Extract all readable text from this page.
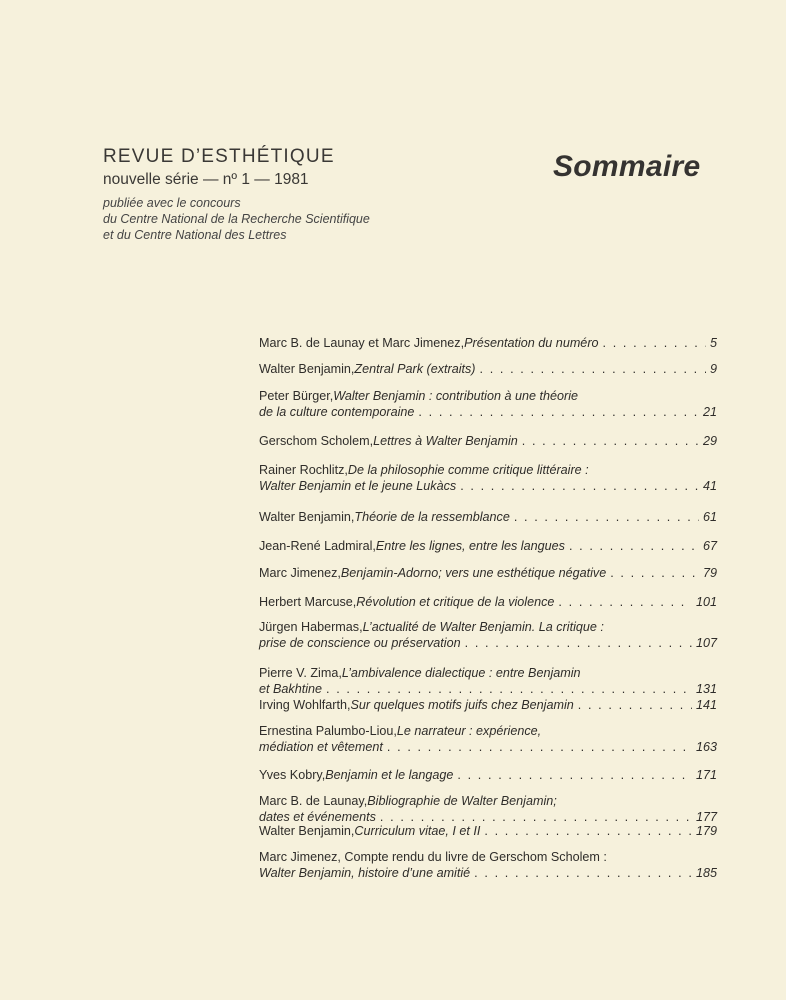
REVUE D’ESTHÉTIQUE
nouvelle série — nº 1 — 1981
publiée avec le concours
du Centre National de la Recherche Scientifique
et du Centre National des Lettres
Sommaire
Marc B. de Launay et Marc Jimenez, Présentation du numéro . . .	5
Walter Benjamin, Zentral Park (extraits) . . .	9
Peter Bürger, Walter Benjamin : contribution à une théorie
de la culture contemporaine . . .	21
Gerschom Scholem, Lettres à Walter Benjamin . . .	29
Rainer Rochlitz, De la philosophie comme critique littéraire :
Walter Benjamin et le jeune Lukàcs . . .	41
Walter Benjamin, Théorie de la ressemblance . . .	61
Jean-René Ladmiral, Entre les lignes, entre les langues . . .	67
Marc Jimenez, Benjamin-Adorno; vers une esthétique négative . . .	79
Herbert Marcuse, Révolution et critique de la violence . . .	101
Jürgen Habermas, L’actualité de Walter Benjamin. La critique :
prise de conscience ou préservation . . .	107
Pierre V. Zima, L’ambivalence dialectique : entre Benjamin
et Bakhtine . . .	131
Irving Wohlfarth, Sur quelques motifs juifs chez Benjamin . . .	141
Ernestina Palumbo-Liou, Le narrateur : expérience,
médiation et vêtement . . .	163
Yves Kobry, Benjamin et le langage . . .	171
Marc B. de Launay, Bibliographie de Walter Benjamin;
dates et événements . . .	177
Walter Benjamin, Curriculum vitae, I et II . . .	179
Marc Jimenez, Compte rendu du livre de Gerschom Scholem :
Walter Benjamin, histoire d’une amitié . . .	185
